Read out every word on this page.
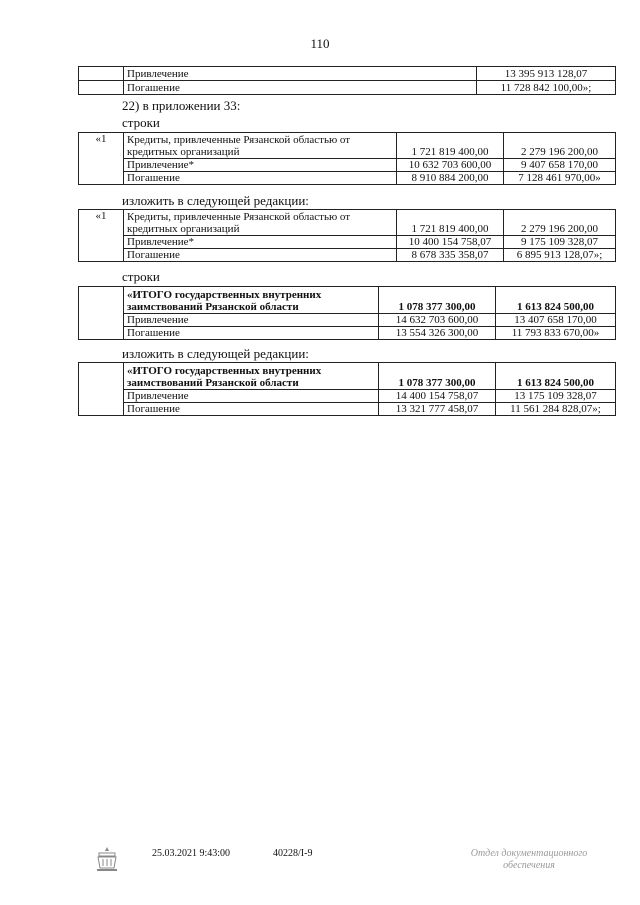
110
	Привлечение	13 395 913 128,07
	Погашение	11 728 842 100,00»;
22) в приложении 33:
строки
«1	Кредиты, привлеченные Рязанской областью от кредитных организаций	1 721 819 400,00	2 279 196 200,00
	Привлечение*	10 632 703 600,00	9 407 658 170,00
	Погашение	8 910 884 200,00	7 128 461 970,00»
изложить в следующей редакции:
«1	Кредиты, привлеченные Рязанской областью от кредитных организаций	1 721 819 400,00	2 279 196 200,00
	Привлечение*	10 400 154 758,07	9 175 109 328,07
	Погашение	8 678 335 358,07	6 895 913 128,07»;
строки
	«ИТОГО государственных внутренних заимствований Рязанской области	1 078 377 300,00	1 613 824 500,00
	Привлечение	14 632 703 600,00	13 407 658 170,00
	Погашение	13 554 326 300,00	11 793 833 670,00»
изложить в следующей редакции:
	«ИТОГО государственных внутренних заимствований Рязанской области	1 078 377 300,00	1 613 824 500,00
	Привлечение	14 400 154 758,07	13 175 109 328,07
	Погашение	13 321 777 458,07	11 561 284 828,07»;
25.03.2021 9:43:00	40228/I-9	Отдел документационного обеспечения
